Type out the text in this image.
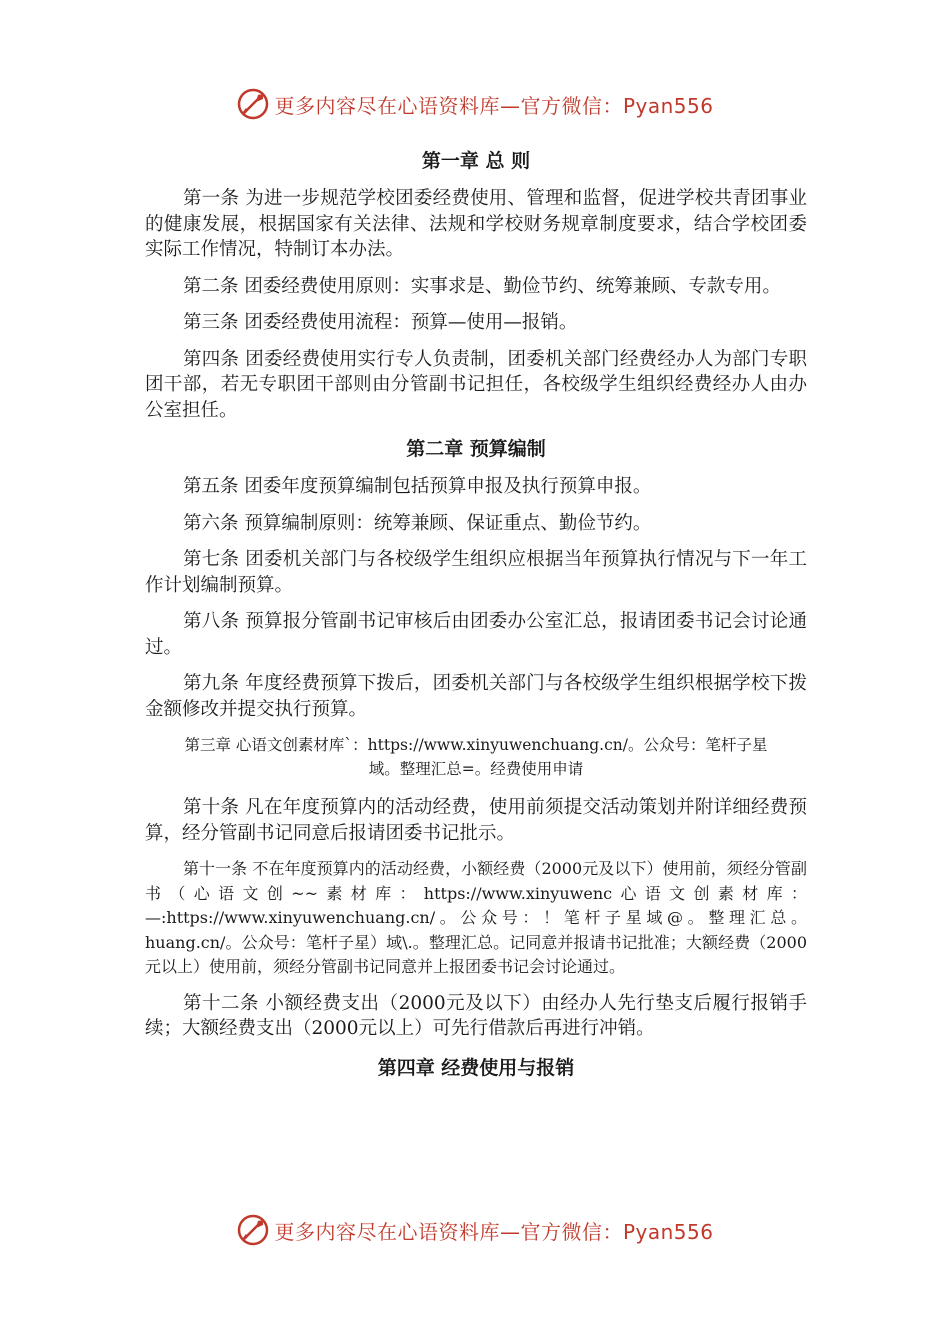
更多内容尽在心语资料库—官方微信：Pyan556
第一章 总 则

第一条 为进一步规范学校团委经费使用、管理和监督，促进学校共青团事业的健康发展，根据国家有关法律、法规和学校财务规章制度要求，结合学校团委实际工作情况，特制订本办法。

第二条 团委经费使用原则：实事求是、勤俭节约、统筹兼顾、专款专用。

第三条 团委经费使用流程：预算—使用—报销。

第四条 团委经费使用实行专人负责制，团委机关部门经费经办人为部门专职团干部，若无专职团干部则由分管副书记担任，各校级学生组织经费经办人由办公室担任。

第二章 预算编制

第五条 团委年度预算编制包括预算申报及执行预算申报。

第六条 预算编制原则：统筹兼顾、保证重点、勤俭节约。

第七条 团委机关部门与各校级学生组织应根据当年预算执行情况与下一年工作计划编制预算。

第八条 预算报分管副书记审核后由团委办公室汇总，报请团委书记会讨论通过。

第九条 年度经费预算下拨后，团委机关部门与各校级学生组织根据学校下拨金额修改并提交执行预算。

第三章 心语文创素材库`：https://www.xinyuwenchuang.cn/。公众号：笔杆子星域。整理汇总=。经费使用申请

第十条 凡在年度预算内的活动经费，使用前须提交活动策划并附详细经费预算，经分管副书记同意后报请团委书记批示。

第十一条 不在年度预算内的活动经费，小额经费（2000元及以下）使用前，须经分管副书（心语文创~~素材库：https://www.xinyuwenc心语文创素材库：—:https://www.xinyuwenchuang.cn/。公众号：！笔杆子星域@。整理汇总。huang.cn/。公众号：笔杆子星）域\.。整理汇总。记同意并报请书记批准；大额经费（2000元以上）使用前，须经分管副书记同意并上报团委书记会讨论通过。

第十二条 小额经费支出（2000元及以下）由经办人先行垫支后履行报销手续；大额经费支出（2000元以上）可先行借款后再进行冲销。

第四章 经费使用与报销
更多内容尽在心语资料库—官方微信：Pyan556
